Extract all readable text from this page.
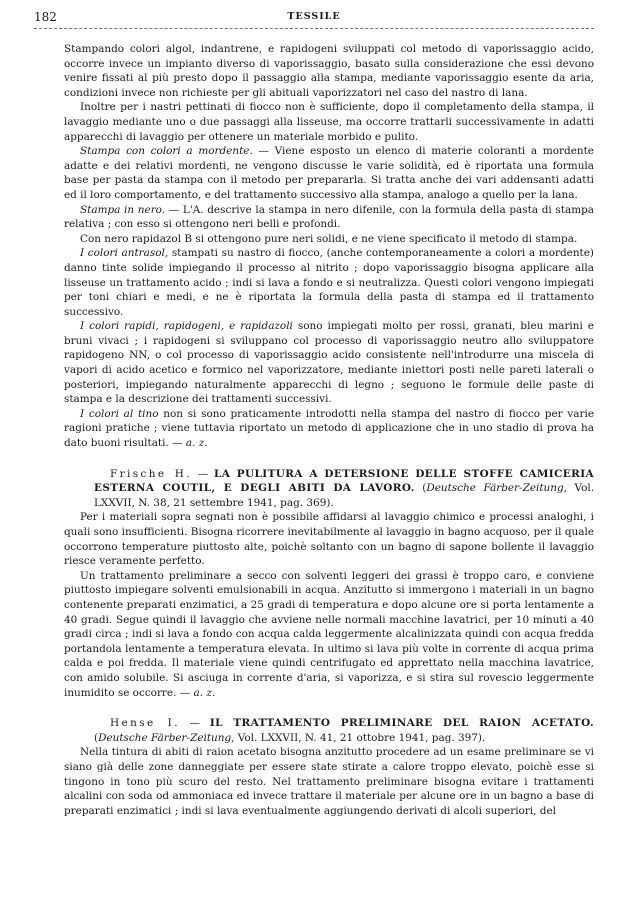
182	TESSILE

Stampando colori algol, indantrene, e rapidogeni sviluppati col metodo di vaporissaggio acido, occorre invece un impianto diverso di vaporissaggio, basato sulla considerazione che essi devono venire fissati al più presto dopo il passaggio alla stampa, mediante vaporissaggio esente da aria, condizioni invece non richieste per gli abituali vaporizzatori nel caso del nastro di lana.

Inoltre per i nastri pettinati di fiocco non è sufficiente, dopo il completamento della stampa, il lavaggio mediante uno o due passaggi alla lisseuse, ma occorre trattarli successivamente in adatti apparecchi di lavaggio per ottenere un materiale morbido e pulito.

Stampa con colori a mordente. — Viene esposto un elenco di materie coloranti a mordente adatte e dei relativi mordenti, ne vengono discusse le varie solidità, ed è riportata una formula base per pasta da stampa con il metodo per prepararla. Si tratta anche dei vari addensanti adatti ed il loro comportamento, e del trattamento successivo alla stampa, analogo a quello per la lana.

Stampa in nero. — L'A. descrive la stampa in nero difenile, con la formula della pasta di stampa relativa ; con esso si ottengono neri belli e profondi.

Con nero rapidazol B si ottengono pure neri solidi, e ne viene specificato il metodo di stampa.

I colori antrasol, stampati su nastro di fiocco, (anche contemporaneamente a colori a mordente) danno tinte solide impiegando il processo al nitrito ; dopo vaporissaggio bisogna applicare alla lisseuse un trattamento acido ; indi si lava a fondo e si neutralizza. Questi colori vengono impiegati per toni chiari e medi, e ne è riportata la formula della pasta di stampa ed il trattamento successivo.

I colori rapidi, rapidogeni, e rapidazoli sono impiegati molto per rossi, granati, bleu marini e bruni vivaci ; i rapidogeni si sviluppano col processo di vaporissaggio neutro allo sviluppatore rapidogeno NN, o col processo di vaporissaggio acido consistente nell'introdurre una miscela di vapori di acido acetico e formico nel vaporizzatore, mediante iniettori posti nelle pareti laterali o posteriori, impiegando naturalmente apparecchi di legno ; seguono le formule delle paste di stampa e la descrizione dei trattamenti successivi.

I colori al tino non si sono praticamente introdotti nella stampa del nastro di fiocco per varie ragioni pratiche ; viene tuttavia riportato un metodo di applicazione che in uno stadio di prova ha dato buoni risultati. — a. z.

Frische H. — LA PULITURA A DETERSIONE DELLE STOFFE CAMICERIA ESTERNA COUTIL, E DEGLI ABITI DA LAVORO. (Deutsche Färber-Zeitung, Vol. LXXVII, N. 38, 21 settembre 1941, pag. 369).

Per i materiali sopra segnati non è possibile affidarsi al lavaggio chimico e processi analoghi, i quali sono insufficienti. Bisogna ricorrere inevitabilmente al lavaggio in bagno acquoso, per il quale occorrono temperature piuttosto alte, poichè soltanto con un bagno di sapone bollente il lavaggio riesce veramente perfetto.

Un trattamento preliminare a secco con solventi leggeri dei grassi è troppo caro, e conviene piuttosto impiegare solventi emulsionabili in acqua. Anzitutto si immergono i materiali in un bagno contenente preparati enzimatici, a 25 gradi di temperatura e dopo alcune ore si porta lentamente a 40 gradi. Segue quindi il lavaggio che avviene nelle normali macchine lavatrici, per 10 minuti a 40 gradi circa ; indi si lava a fondo con acqua calda leggermente alcalinizzata quindi con acqua fredda portandola lentamente a temperatura elevata. In ultimo si lava più volte in corrente di acqua prima calda e poi fredda. Il materiale viene quindi centrifugato ed apprettato nella macchina lavatrice, con amido solubile. Si asciuga in corrente d'aria, si vaporizza, e si stira sul rovescio leggermente inumidito se occorre. — a. z.

Hense I. — IL TRATTAMENTO PRELIMINARE DEL RAION ACETATO. (Deutsche Färber-Zeitung, Vol. LXXVII, N. 41, 21 ottobre 1941, pag. 397).

Nella tintura di abiti di raion acetato bisogna anzitutto procedere ad un esame preliminare se vi siano già delle zone danneggiate per essere state stirate a calore troppo elevato, poichè esse si tingono in tono più scuro del resto. Nel trattamento preliminare bisogna evitare i trattamenti alcalini con soda od ammoniaca ed invece trattare il materiale per alcune ore in un bagno a base di preparati enzimatici ; indi si lava eventualmente aggiungendo derivati di alcoli superiori, del
